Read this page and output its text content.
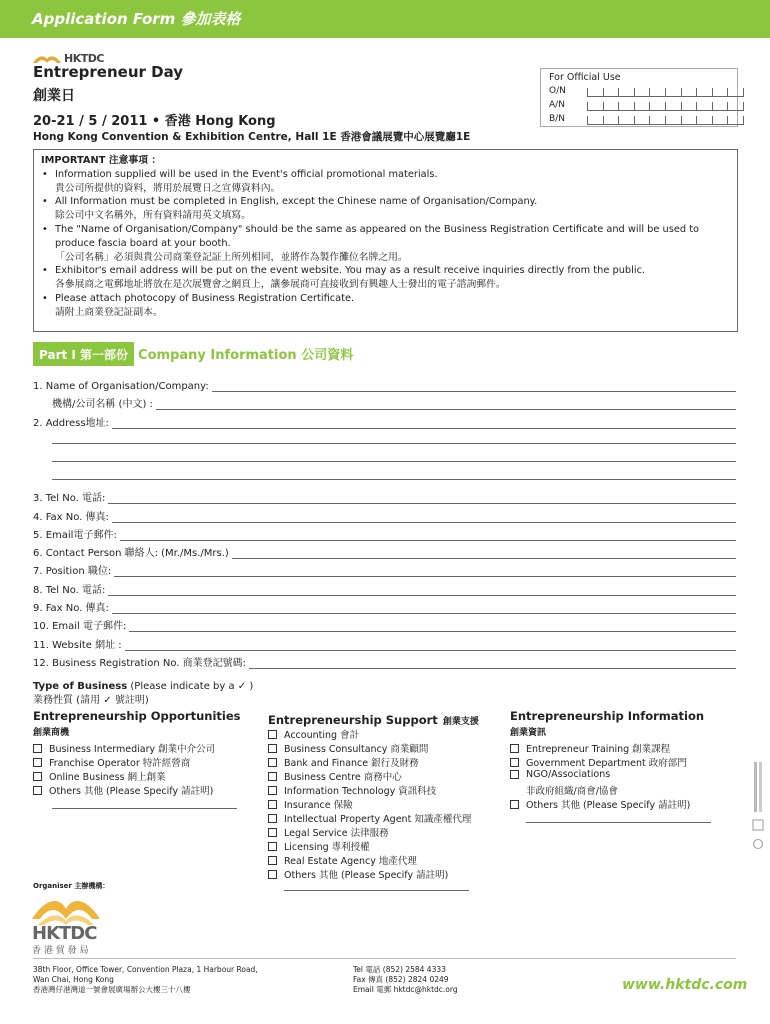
Application Form 參加表格
HKTDC
Entrepreneur Day
創業日
20-21 / 5 / 2011 • 香港 Hong Kong
Hong Kong Convention & Exhibition Centre, Hall 1E 香港會議展覽中心展覽廳1E
For Official Use
O/N
A/N
B/N
IMPORTANT 注意事項 ：
• Information supplied will be used in the Event's official promotional materials.
貴公司所提供的資料，將用於展覽日之宣傳資料內。
• All Information must be completed in English, except the Chinese name of Organisation/Company.
除公司中文名稱外，所有資料請用英文填寫。
• The "Name of Organisation/Company" should be the same as appeared on the Business Registration Certificate and will be used to produce fascia board at your booth.
「公司名稱」必須與貴公司商業登記証上所列相同，並將作為製作攤位名牌之用。
• Exhibitor's email address will be put on the event website. You may as a result receive inquiries directly from the public.
各參展商之電郵地址將放在是次展覽會之網頁上，讓參展商可直接收到有興趣人士發出的電子諮詢郵件。
• Please attach photocopy of Business Registration Certificate.
請附上商業登記証副本。
Part I 第一部份 Company Information 公司資料
1. Name of Organisation/Company:
機構/公司名稱 (中文) :
2. Address地址:
3. Tel No. 電話:
4. Fax No. 傳真:
5. Email電子郵件:
6. Contact Person 聯絡人: (Mr./Ms./Mrs.)
7. Position 職位:
8. Tel No. 電話:
9. Fax No. 傳真:
10. Email 電子郵件:
11. Website 網址 :
12. Business Registration No. 商業登記號碼:
Type of Business (Please indicate by a ✓ )
業務性質 (請用 ✓ 號註明)
Entrepreneurship Opportunities
創業商機
Business Intermediary 創業中介公司
Franchise Operator 特許經營商
Online Business 網上創業
Others 其他 (Please Specify 請註明)
Entrepreneurship Support 創業支援
Accounting 會計
Business Consultancy 商業顧問
Bank and Finance 銀行及財務
Business Centre 商務中心
Information Technology 資訊科技
Insurance 保險
Intellectual Property Agent 知識產權代理
Legal Service 法律服務
Licensing 專利授權
Real Estate Agency 地產代理
Others 其他 (Please Specify 請註明)
Entrepreneurship Information
創業資訊
Entrepreneur Training 創業課程
Government Department 政府部門
NGO/Associations
非政府組織/商會/協會
Others 其他 (Please Specify 請註明)
Organiser 主辦機構：
HKTDC
香 港 貿 發 局
38th Floor, Office Tower, Convention Plaza, 1 Harbour Road,
Wan Chai, Hong Kong
香港灣仔港灣道一號會展廣場辦公大樓三十八樓
Tel 電話 (852) 2584 4333
Fax 傳真 (852) 2824 0249
Email 電郵 hktdc@hktdc.org	www.hktdc.com
